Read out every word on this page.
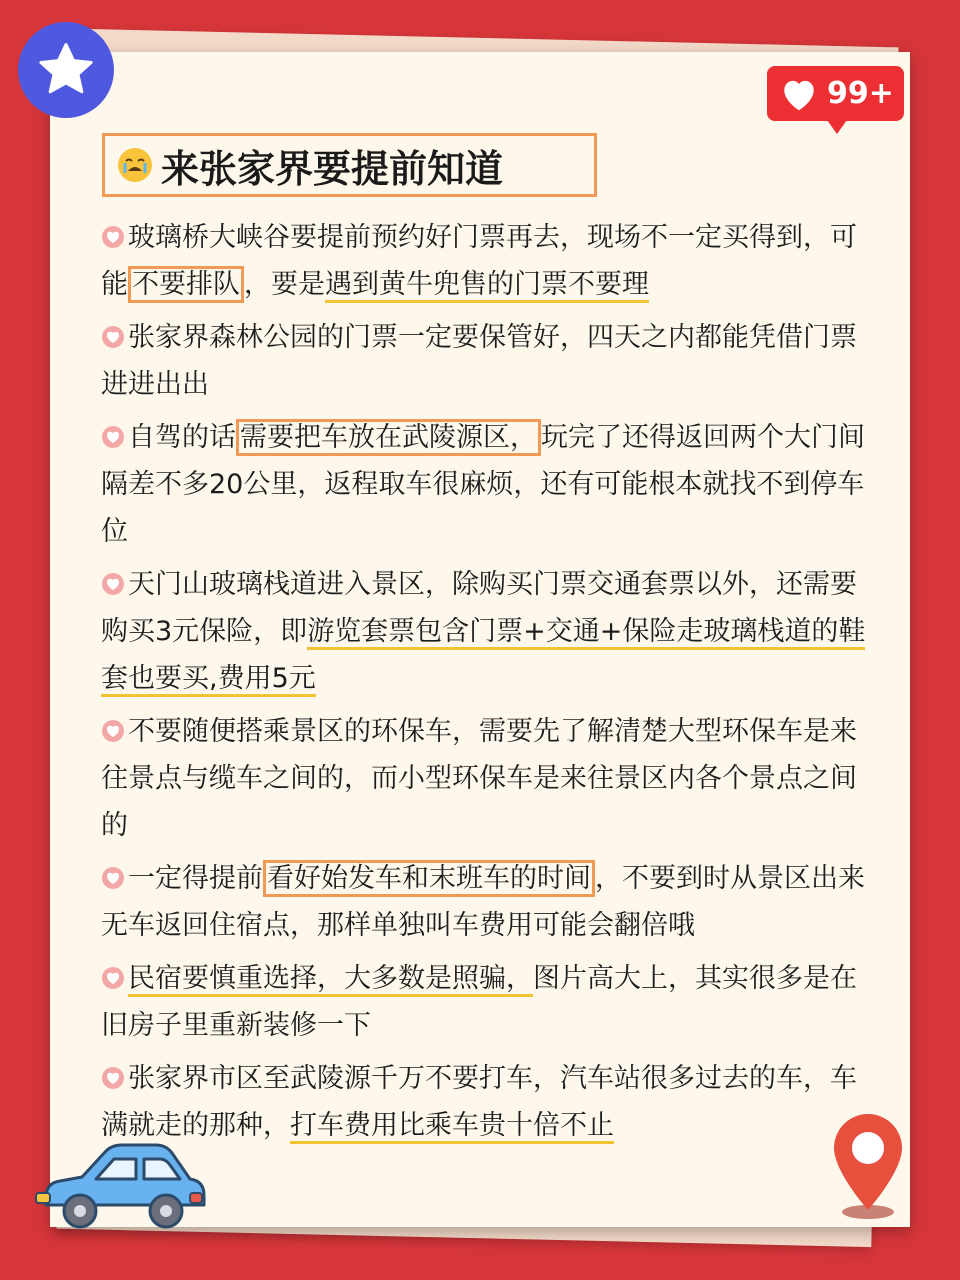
99+
来张家界要提前知道
玻璃桥大峡谷要提前预约好门票再去，现场不一定买得到，可能 不要排队 ，要是遇到黄牛兜售的门票不要理
张家界森林公园的门票一定要保管好，四天之内都能凭借门票进进出出
自驾的话 需要把车放在武陵源区， 玩完了还得返回两个大门间隔差不多20公里，返程取车很麻烦，还有可能根本就找不到停车位
天门山玻璃栈道进入景区，除购买门票交通套票以外，还需要购买3元保险，即游览套票包含门票+交通+保险走玻璃栈道的鞋套也要买,费用5元
不要随便搭乘景区的环保车，需要先了解清楚大型环保车是来往景点与缆车之间的，而小型环保车是来往景区内各个景点之间的
一定得提前 看好始发车和末班车的时间 ，不要到时从景区出来无车返回住宿点，那样单独叫车费用可能会翻倍哦
民宿要慎重选择，大多数是照骗，图片高大上，其实很多是在旧房子里重新装修一下
张家界市区至武陵源千万不要打车，汽车站很多过去的车，车满就走的那种，打车费用比乘车贵十倍不止
